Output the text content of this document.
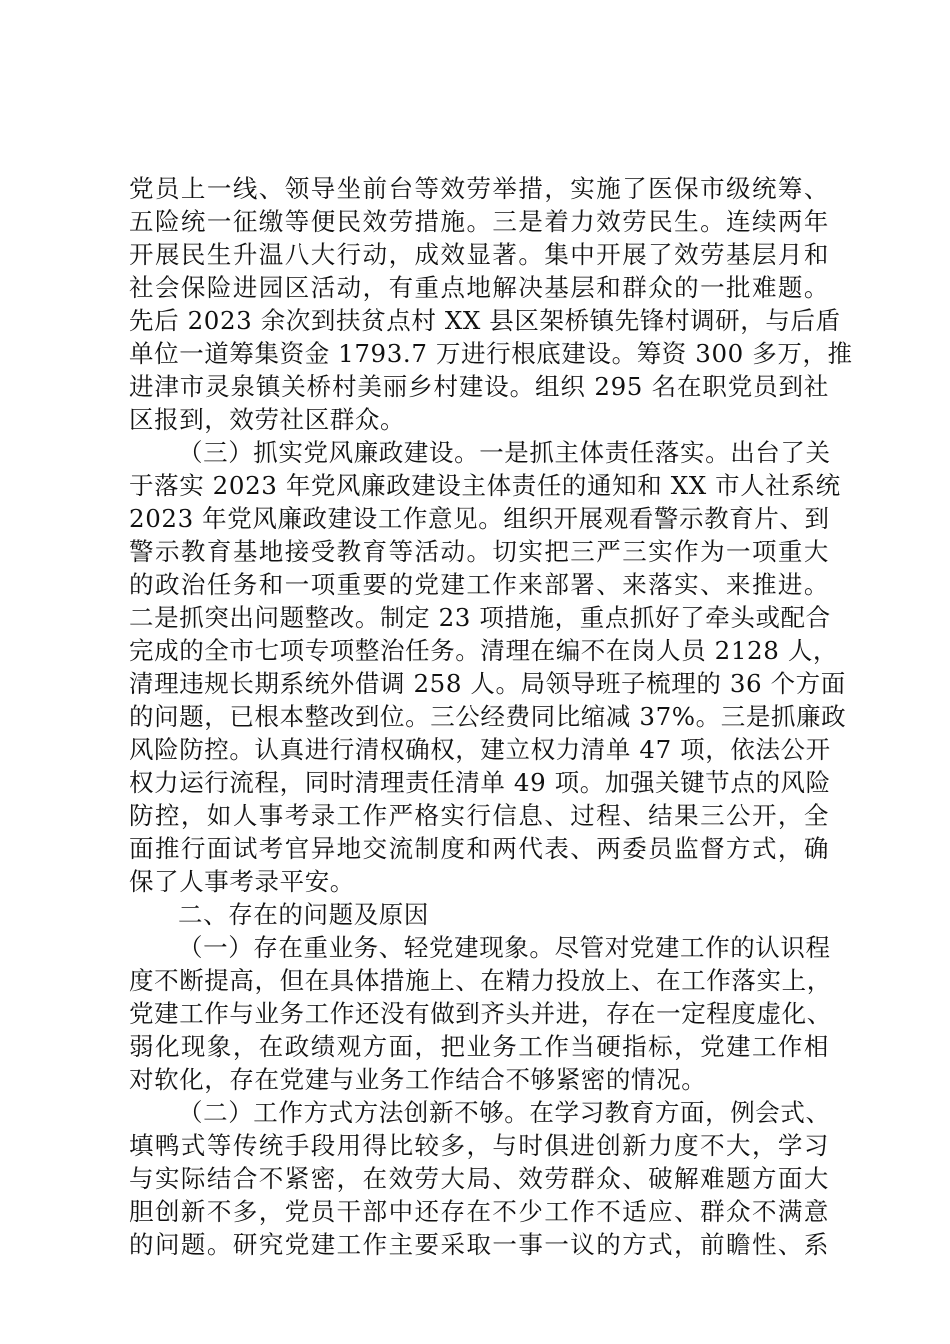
党员上一线、领导坐前台等效劳举措，实施了医保市级统筹、
五险统一征缴等便民效劳措施。三是着力效劳民生。连续两年
开展民生升温八大行动，成效显著。集中开展了效劳基层月和
社会保险进园区活动，有重点地解决基层和群众的一批难题。
先后 2023 余次到扶贫点村 XX 县区架桥镇先锋村调研，与后盾
单位一道筹集资金 1793.7 万进行根底建设。筹资 300 多万，推
进津市灵泉镇关桥村美丽乡村建设。组织 295 名在职党员到社
区报到，效劳社区群众。
（三）抓实党风廉政建设。一是抓主体责任落实。出台了关
于落实 2023 年党风廉政建设主体责任的通知和 XX 市人社系统
2023 年党风廉政建设工作意见。组织开展观看警示教育片、到
警示教育基地接受教育等活动。切实把三严三实作为一项重大
的政治任务和一项重要的党建工作来部署、来落实、来推进。
二是抓突出问题整改。制定 23 项措施，重点抓好了牵头或配合
完成的全市七项专项整治任务。清理在编不在岗人员 2128 人，
清理违规长期系统外借调 258 人。局领导班子梳理的 36 个方面
的问题，已根本整改到位。三公经费同比缩减 37%。三是抓廉政
风险防控。认真进行清权确权，建立权力清单 47 项，依法公开
权力运行流程，同时清理责任清单 49 项。加强关键节点的风险
防控，如人事考录工作严格实行信息、过程、结果三公开，全
面推行面试考官异地交流制度和两代表、两委员监督方式，确
保了人事考录平安。
二、存在的问题及原因
（一）存在重业务、轻党建现象。尽管对党建工作的认识程
度不断提高，但在具体措施上、在精力投放上、在工作落实上，
党建工作与业务工作还没有做到齐头并进，存在一定程度虚化、
弱化现象，在政绩观方面，把业务工作当硬指标，党建工作相
对软化，存在党建与业务工作结合不够紧密的情况。
（二）工作方式方法创新不够。在学习教育方面，例会式、
填鸭式等传统手段用得比较多，与时俱进创新力度不大，学习
与实际结合不紧密，在效劳大局、效劳群众、破解难题方面大
胆创新不多，党员干部中还存在不少工作不适应、群众不满意
的问题。研究党建工作主要采取一事一议的方式，前瞻性、系
